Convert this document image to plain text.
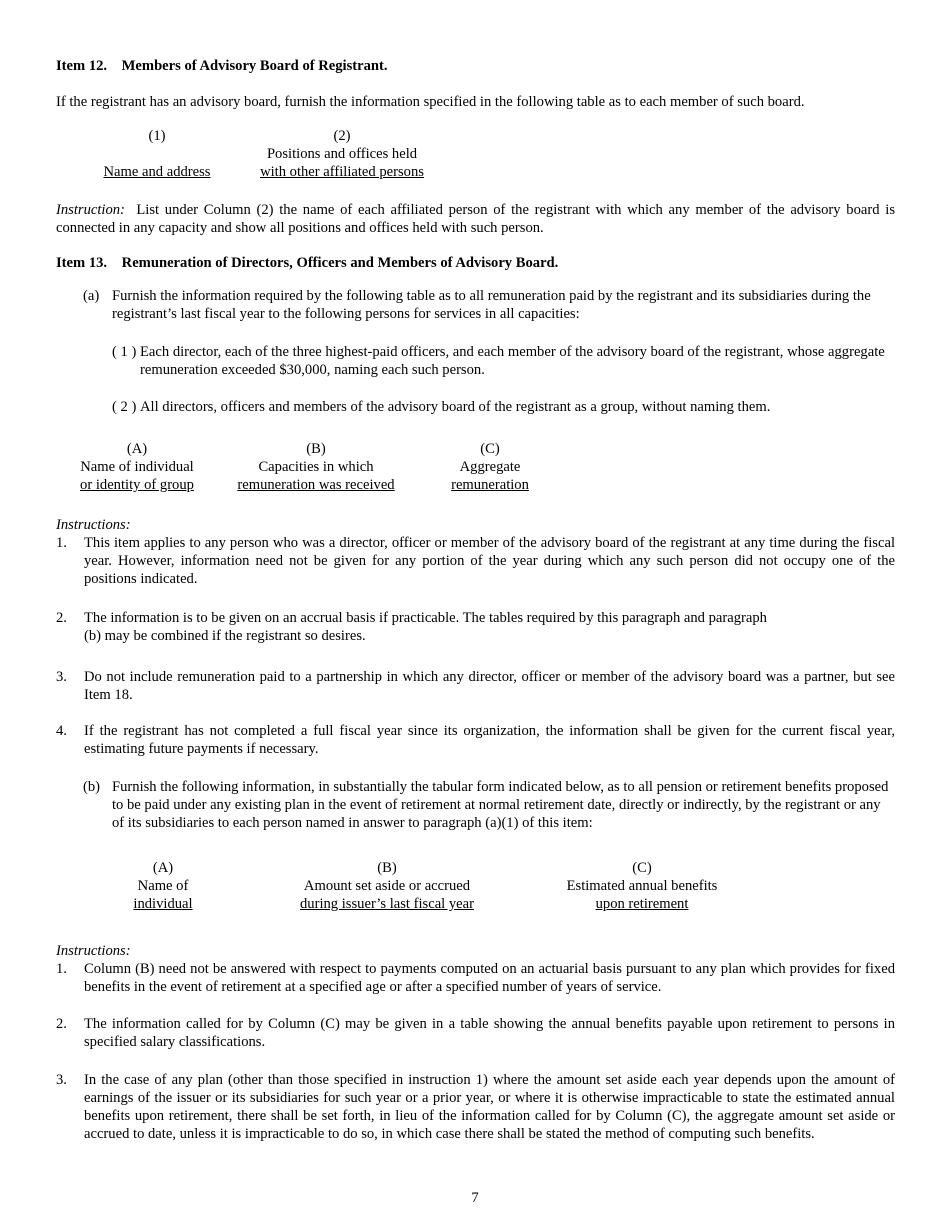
Item 12.    Members of Advisory Board of Registrant.
If the registrant has an advisory board, furnish the information specified in the following table as to each member of such board.
(1)
Name and address
(2)
Positions and offices held
with other affiliated persons
Instruction: List under Column (2) the name of each affiliated person of the registrant with which any member of the advisory board is connected in any capacity and show all positions and offices held with such person.
Item 13.    Remuneration of Directors, Officers and Members of Advisory Board.
(a) Furnish the information required by the following table as to all remuneration paid by the registrant and its subsidiaries during the registrant’s last fiscal year to the following persons for services in all capacities:
( 1 ) Each director, each of the three highest-paid officers, and each member of the advisory board of the registrant, whose aggregate remuneration exceeded $30,000, naming each such person.
( 2 ) All directors, officers and members of the advisory board of the registrant as a group, without naming them.
(A)
Name of individual
or identity of group
(B)
Capacities in which
remuneration was received
(C)
Aggregate
remuneration
Instructions:
1. This item applies to any person who was a director, officer or member of the advisory board of the registrant at any time during the fiscal year. However, information need not be given for any portion of the year during which any such person did not occupy one of the positions indicated.
2. The information is to be given on an accrual basis if practicable. The tables required by this paragraph and paragraph
(b) may be combined if the registrant so desires.
3. Do not include remuneration paid to a partnership in which any director, officer or member of the advisory board was a partner, but see Item 18.
4. If the registrant has not completed a full fiscal year since its organization, the information shall be given for the current fiscal year, estimating future payments if necessary.
(b) Furnish the following information, in substantially the tabular form indicated below, as to all pension or retirement benefits proposed to be paid under any existing plan in the event of retirement at normal retirement date, directly or indirectly, by the registrant or any of its subsidiaries to each person named in answer to paragraph (a)(1) of this item:
(A)
Name of
individual
(B)
Amount set aside or accrued
during issuer’s last fiscal year
(C)
Estimated annual benefits
upon retirement
Instructions:
1. Column (B) need not be answered with respect to payments computed on an actuarial basis pursuant to any plan which provides for fixed benefits in the event of retirement at a specified age or after a specified number of years of service.
2. The information called for by Column (C) may be given in a table showing the annual benefits payable upon retirement to persons in specified salary classifications.
3. In the case of any plan (other than those specified in instruction 1) where the amount set aside each year depends upon the amount of earnings of the issuer or its subsidiaries for such year or a prior year, or where it is otherwise impracticable to state the estimated annual benefits upon retirement, there shall be set forth, in lieu of the information called for by Column (C), the aggregate amount set aside or accrued to date, unless it is impracticable to do so, in which case there shall be stated the method of computing such benefits.
7
